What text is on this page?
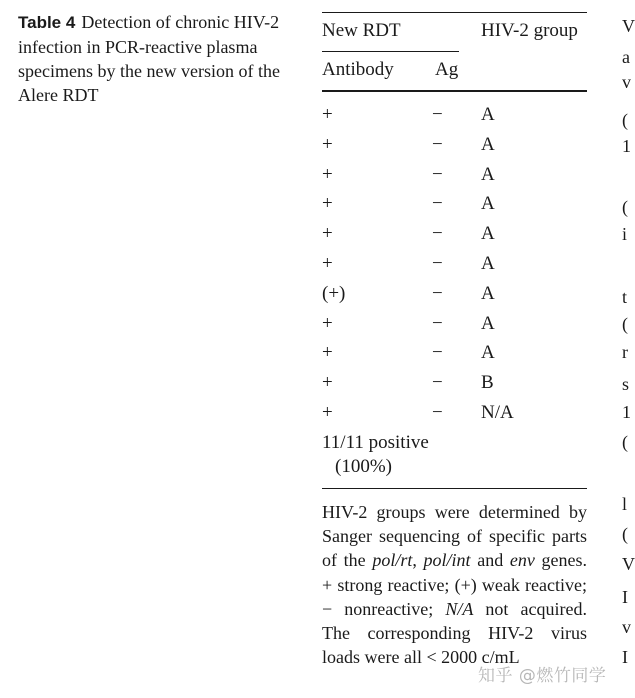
Table 4 Detection of chronic HIV-2 infection in PCR-reactive plasma specimens by the new version of the Alere RDT
New RDT	HIV-2 group
Antibody Ag
+	− A
+	− A
+	− A
+	− A
+	− A
+	− A
(+)	− A
+	− A
+	− A
+	− B
+	− N/A
11/11 positive
(100%)
HIV-2 groups were determined by Sanger sequencing of specific parts of the pol/rt, pol/int and env genes. + strong reactive; (+) weak reactive; − nonreactive; N/A not acquired. The corresponding HIV-2 virus loads were all < 2000 c/mL
V
a
v
(
1
(
i
t
(
r
s
1
(
l
(
V
I
v
I
知乎 @燃竹同学
